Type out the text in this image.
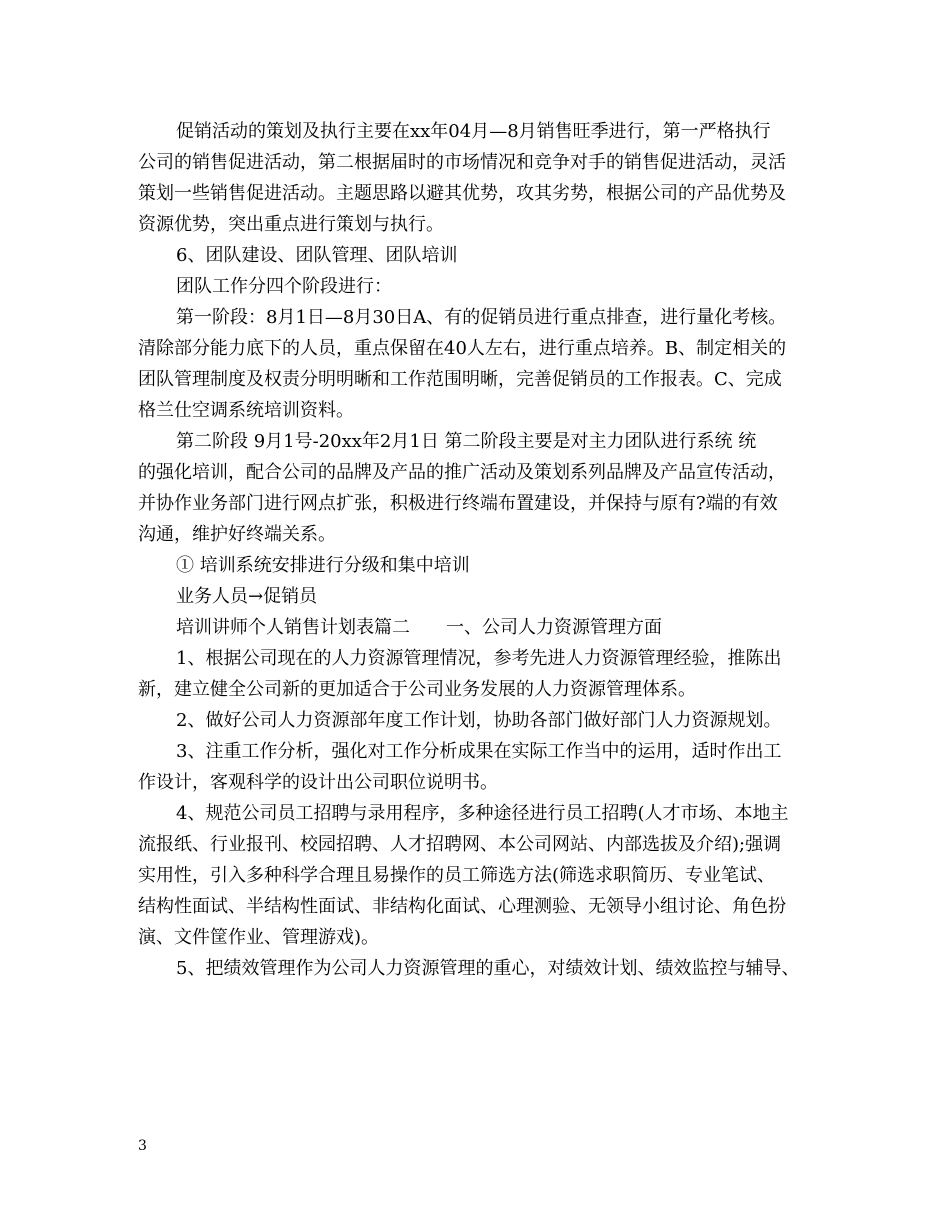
促销活动的策划及执行主要在xx年04月—8月销售旺季进行，第一严格执行
公司的销售促进活动，第二根据届时的市场情况和竞争对手的销售促进活动，灵活
策划一些销售促进活动。主题思路以避其优势，攻其劣势，根据公司的产品优势及
资源优势，突出重点进行策划与执行。
6、团队建设、团队管理、团队培训
团队工作分四个阶段进行：
第一阶段：8月1日—8月30日A、有的促销员进行重点排查，进行量化考核。
清除部分能力底下的人员，重点保留在40人左右，进行重点培养。B、制定相关的
团队管理制度及权责分明明晰和工作范围明晰，完善促销员的工作报表。C、完成
格兰仕空调系统培训资料。
第二阶段 9月1号-20xx年2月1日 第二阶段主要是对主力团队进行系统 统
的强化培训，配合公司的品牌及产品的推广活动及策划系列品牌及产品宣传活动，
并协作业务部门进行网点扩张，积极进行终端布置建设，并保持与原有?端的有效
沟通，维护好终端关系。
① 培训系统安排进行分级和集中培训
业务人员→促销员
培训讲师个人销售计划表篇二　　一、公司人力资源管理方面
1、根据公司现在的人力资源管理情况，参考先进人力资源管理经验，推陈出
新，建立健全公司新的更加适合于公司业务发展的人力资源管理体系。
2、做好公司人力资源部年度工作计划，协助各部门做好部门人力资源规划。
3、注重工作分析，强化对工作分析成果在实际工作当中的运用，适时作出工
作设计，客观科学的设计出公司职位说明书。
4、规范公司员工招聘与录用程序，多种途径进行员工招聘(人才市场、本地主
流报纸、行业报刊、校园招聘、人才招聘网、本公司网站、内部选拔及介绍);强调
实用性，引入多种科学合理且易操作的员工筛选方法(筛选求职简历、专业笔试、
结构性面试、半结构性面试、非结构化面试、心理测验、无领导小组讨论、角色扮
演、文件筐作业、管理游戏)。
5、把绩效管理作为公司人力资源管理的重心，对绩效计划、绩效监控与辅导、
3
